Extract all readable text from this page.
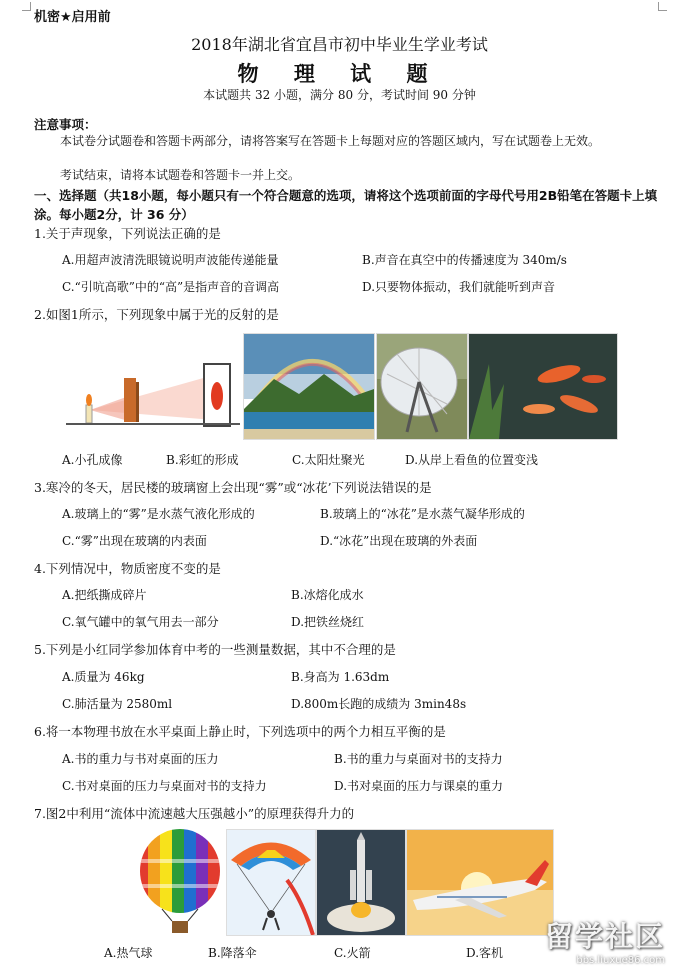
机密★启用前
2018年湖北省宜昌市初中毕业生学业考试
物 理 试 题
本试题共 32 小题，满分 80 分，考试时间 90 分钟
注意事项：
本试卷分试题卷和答题卡两部分，请将答案写在答题卡上每题对应的答题区域内，写在试题卷上无效。
考试结束，请将本试题卷和答题卡一并上交。
一、选择题（共18小题，每小题只有一个符合题意的选项，请将这个选项前面的字母代号用2B铅笔在答题卡上填涂。每小题2分，计 36 分）
1.关于声现象，下列说法正确的是
A.用超声波清洗眼镜说明声波能传递能量	B.声音在真空中的传播速度为 340m/s
C.“引吭高歌”中的“高”是指声音的音调高	D.只要物体振动，我们就能听到声音
2.如图1所示，下列现象中属于光的反射的是
A.小孔成像	B.彩虹的形成	C.太阳灶聚光	D.从岸上看鱼的位置变浅
3.寒冷的冬天，居民楼的玻璃窗上会出现“雾”或“冰花’下列说法错误的是
A.玻璃上的“雾”是水蒸气液化形成的	B.玻璃上的“冰花”是水蒸气凝华形成的
C.“雾”出现在玻璃的内表面	D.“冰花”出现在玻璃的外表面
4.下列情况中，物质密度不变的是
A.把纸撕成碎片	B.冰熔化成水
C.氧气罐中的氧气用去一部分	D.把铁丝烧红
5.下列是小红同学参加体育中考的一些测量数据，其中不合理的是
A.质量为 46kg	B.身高为 1.63dm
C.肺活量为 2580ml	D.800m长跑的成绩为 3min48s
6.将一本物理书放在水平桌面上静止时，下列选项中的两个力相互平衡的是
A.书的重力与书对桌面的压力	B.书的重力与桌面对书的支持力
C.书对桌面的压力与桌面对书的支持力	D.书对桌面的压力与课桌的重力
7.图2中利用“流体中流速越大压强越小”的原理获得升力的
A.热气球	B.降落伞	C.火箭	D.客机 留学社区
bbs.liuxue86.com
